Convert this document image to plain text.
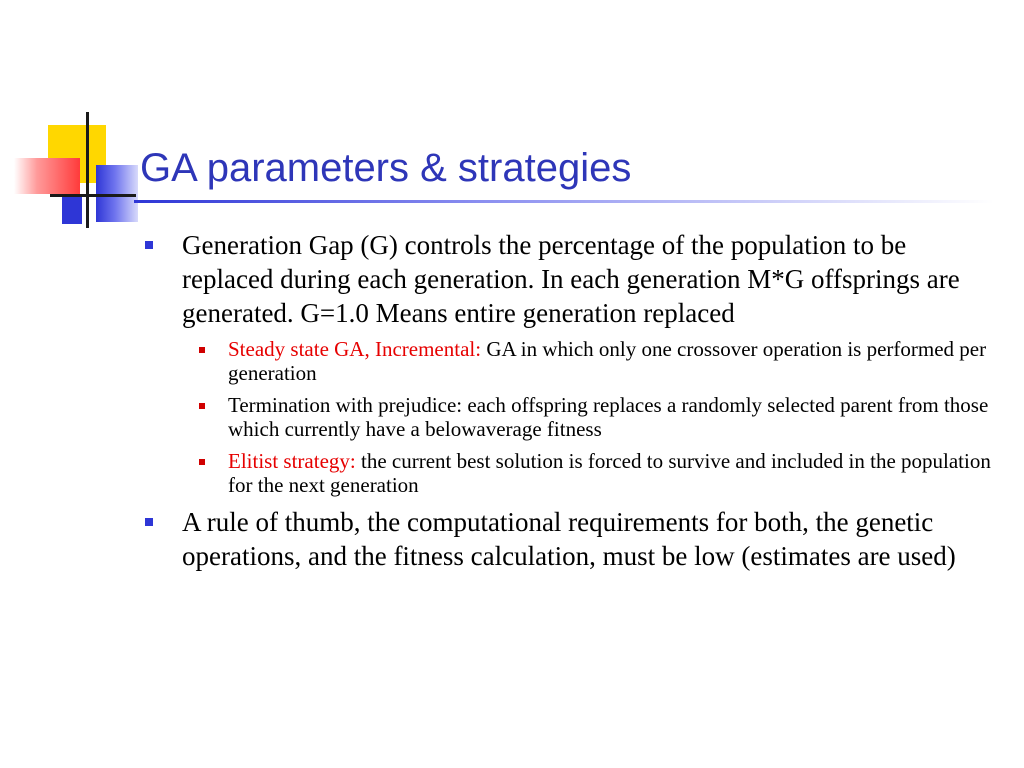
GA parameters & strategies
Generation Gap (G) controls the percentage of the population to be replaced during each generation. In each generation M*G offsprings are generated. G=1.0 Means entire generation replaced
Steady state GA, Incremental: GA in which only one crossover operation is performed per generation
Termination with prejudice: each offspring replaces a randomly selected parent from those which currently have a belowaverage fitness
Elitist strategy: the current best solution is forced to survive and included in the population for the next generation
A rule of thumb, the computational requirements for both, the genetic operations, and the fitness calculation, must be low (estimates are used)
